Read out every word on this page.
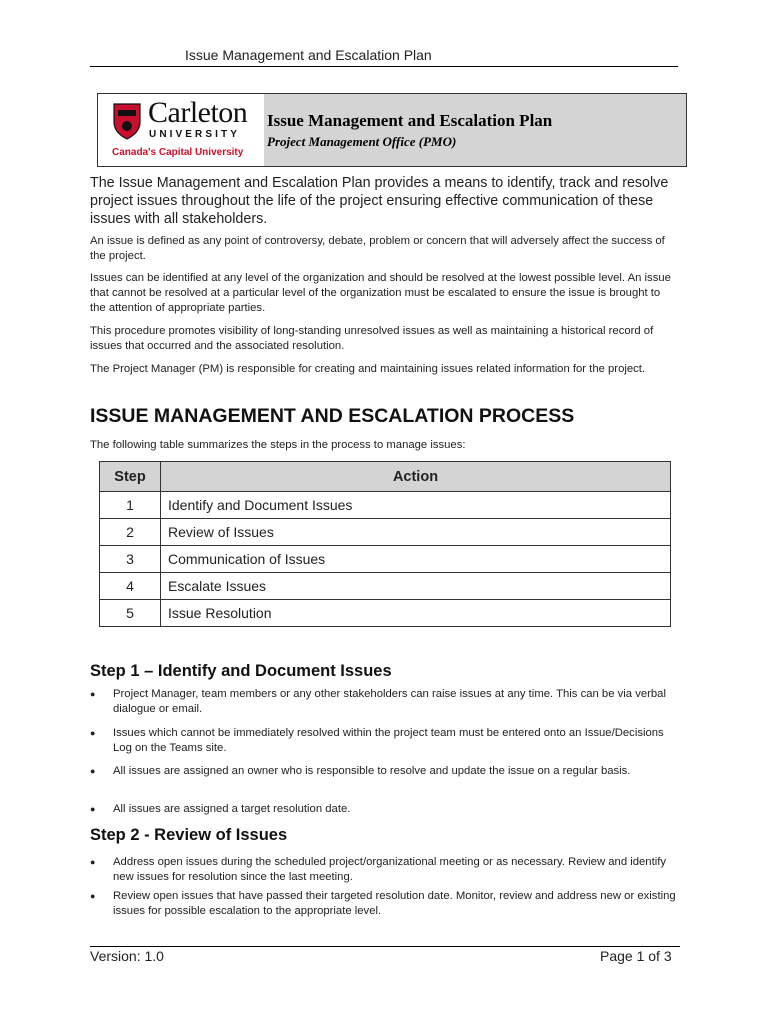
Issue Management and Escalation Plan
Carleton
UNIVERSITY
Canada's Capital University
Issue Management and Escalation Plan
Project Management Office (PMO)
The Issue Management and Escalation Plan provides a means to identify, track and resolve project issues throughout the life of the project ensuring effective communication of these issues with all stakeholders.
An issue is defined as any point of controversy, debate, problem or concern that will adversely affect the success of the project.
Issues can be identified at any level of the organization and should be resolved at the lowest possible level. An issue that cannot be resolved at a particular level of the organization must be escalated to ensure the issue is brought to the attention of appropriate parties.
This procedure promotes visibility of long-standing unresolved issues as well as maintaining a historical record of issues that occurred and the associated resolution.
The Project Manager (PM) is responsible for creating and maintaining issues related information for the project.
ISSUE MANAGEMENT AND ESCALATION PROCESS
The following table summarizes the steps in the process to manage issues:
Step	Action
1	Identify and Document Issues
2	Review of Issues
3	Communication of Issues
4	Escalate Issues
5	Issue Resolution
Step 1 – Identify and Document Issues
● Project Manager, team members or any other stakeholders can raise issues at any time. This can be via verbal dialogue or email.
● Issues which cannot be immediately resolved within the project team must be entered onto an Issue/Decisions Log on the Teams site.
● All issues are assigned an owner who is responsible to resolve and update the issue on a regular basis.
● All issues are assigned a target resolution date.
Step 2 - Review of Issues
● Address open issues during the scheduled project/organizational meeting or as necessary. Review and identify new issues for resolution since the last meeting.
● Review open issues that have passed their targeted resolution date. Monitor, review and address new or existing issues for possible escalation to the appropriate level.
Version: 1.0	Page 1 of 3
